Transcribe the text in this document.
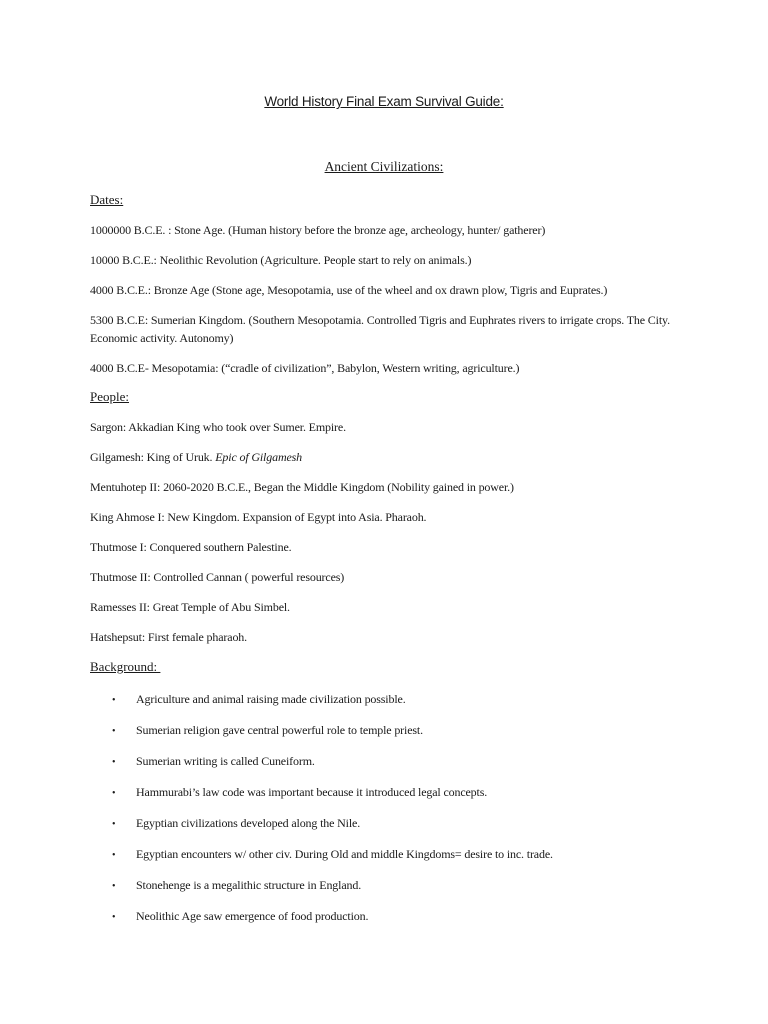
World History Final Exam Survival Guide:
Ancient Civilizations:
Dates:
1000000 B.C.E. : Stone Age. (Human history before the bronze age, archeology, hunter/ gatherer)
10000 B.C.E.: Neolithic Revolution (Agriculture. People start to rely on animals.)
4000 B.C.E.: Bronze Age (Stone age, Mesopotamia, use of the wheel and ox drawn plow, Tigris and Euprates.)
5300 B.C.E: Sumerian Kingdom. (Southern Mesopotamia. Controlled Tigris and Euphrates rivers to irrigate crops. The City. Economic activity. Autonomy)
4000 B.C.E- Mesopotamia: (“cradle of civilization”, Babylon, Western writing, agriculture.)
People:
Sargon: Akkadian King who took over Sumer. Empire.
Gilgamesh: King of Uruk. Epic of Gilgamesh
Mentuhotep II: 2060-2020 B.C.E., Began the Middle Kingdom (Nobility gained in power.)
King Ahmose I: New Kingdom. Expansion of Egypt into Asia. Pharaoh.
Thutmose I: Conquered southern Palestine.
Thutmose II: Controlled Cannan ( powerful resources)
Ramesses II: Great Temple of Abu Simbel.
Hatshepsut: First female pharaoh.
Background:
• Agriculture and animal raising made civilization possible.
• Sumerian religion gave central powerful role to temple priest.
• Sumerian writing is called Cuneiform.
• Hammurabi’s law code was important because it introduced legal concepts.
• Egyptian civilizations developed along the Nile.
• Egyptian encounters w/ other civ. During Old and middle Kingdoms= desire to inc. trade.
• Stonehenge is a megalithic structure in England.
• Neolithic Age saw emergence of food production.
